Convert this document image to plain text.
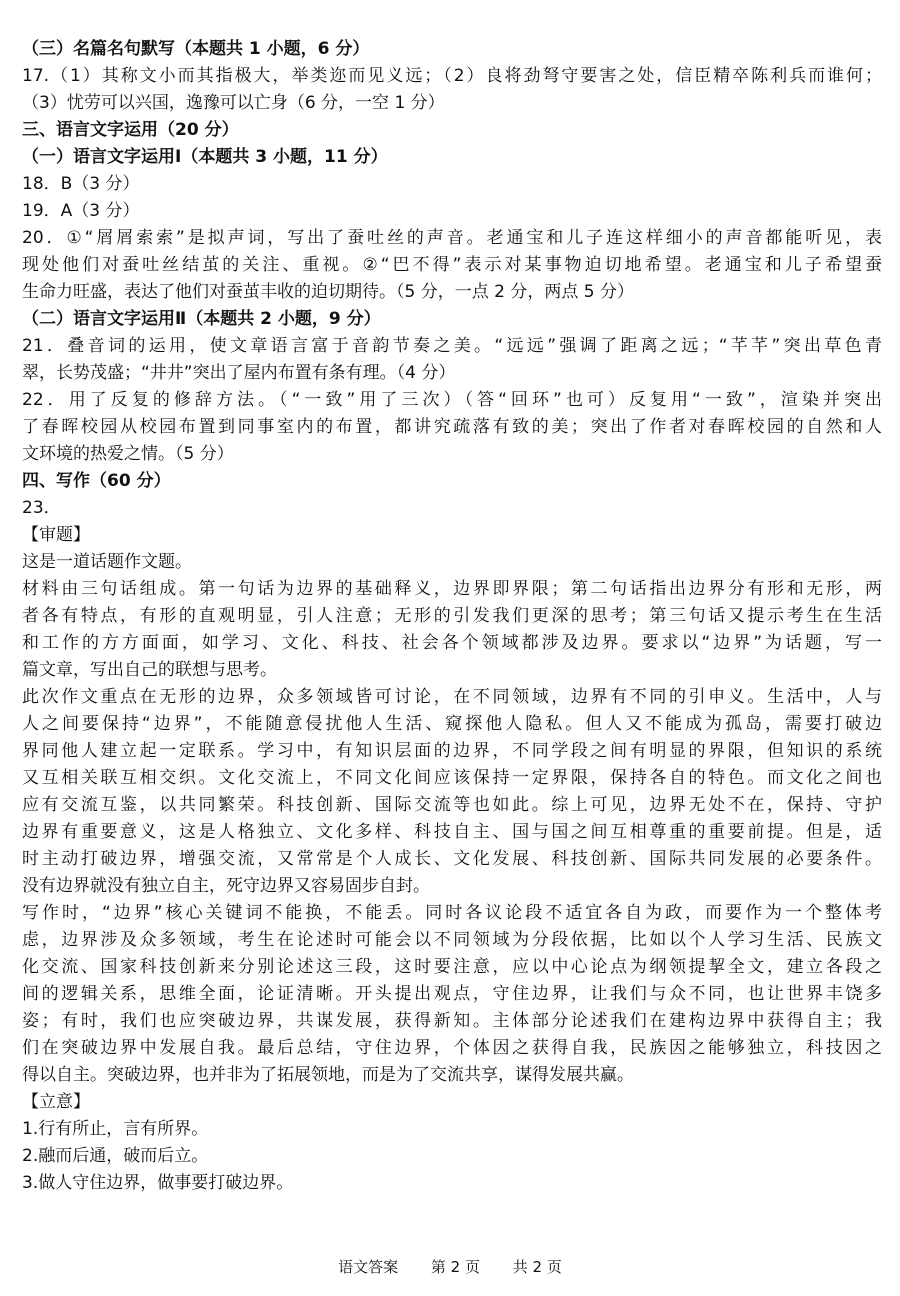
（三）名篇名句默写（本题共 1 小题，6 分）
17.（1）其称文小而其指极大，举类迩而见义远；（2）良将劲弩守要害之处，信臣精卒陈利兵而谁何；
（3）忧劳可以兴国，逸豫可以亡身（6 分，一空 1 分）
三、语言文字运用（20 分）
（一）语言文字运用Ⅰ（本题共 3 小题，11 分）
18．B（3 分）
19．A（3 分）
20．①“屑屑索索”是拟声词，写出了蚕吐丝的声音。老通宝和儿子连这样细小的声音都能听见，表
现处他们对蚕吐丝结茧的关注、重视。②“巴不得”表示对某事物迫切地希望。老通宝和儿子希望蚕
生命力旺盛，表达了他们对蚕茧丰收的迫切期待。（5 分，一点 2 分，两点 5 分）
（二）语言文字运用Ⅱ（本题共 2 小题，9 分）
21．叠音词的运用，使文章语言富于音韵节奏之美。“远远”强调了距离之远；“芊芊”突出草色青
翠，长势茂盛；“井井”突出了屋内布置有条有理。（4 分）
22．用了反复的修辞方法。（“一致”用了三次）（答“回环”也可）反复用“一致”，渲染并突出
了春晖校园从校园布置到同事室内的布置，都讲究疏落有致的美；突出了作者对春晖校园的自然和人
文环境的热爱之情。（5 分）
四、写作（60 分）
23．
【审题】
这是一道话题作文题。
材料由三句话组成。第一句话为边界的基础释义，边界即界限；第二句话指出边界分有形和无形，两
者各有特点，有形的直观明显，引人注意；无形的引发我们更深的思考；第三句话又提示考生在生活
和工作的方方面面，如学习、文化、科技、社会各个领域都涉及边界。要求以“边界”为话题，写一
篇文章，写出自己的联想与思考。
此次作文重点在无形的边界，众多领域皆可讨论，在不同领域，边界有不同的引申义。生活中，人与
人之间要保持“边界”，不能随意侵扰他人生活、窥探他人隐私。但人又不能成为孤岛，需要打破边
界同他人建立起一定联系。学习中，有知识层面的边界，不同学段之间有明显的界限，但知识的系统
又互相关联互相交织。文化交流上，不同文化间应该保持一定界限，保持各自的特色。而文化之间也
应有交流互鉴，以共同繁荣。科技创新、国际交流等也如此。综上可见，边界无处不在，保持、守护
边界有重要意义，这是人格独立、文化多样、科技自主、国与国之间互相尊重的重要前提。但是，适
时主动打破边界，增强交流，又常常是个人成长、文化发展、科技创新、国际共同发展的必要条件。
没有边界就没有独立自主，死守边界又容易固步自封。
写作时，“边界”核心关键词不能换，不能丢。同时各议论段不适宜各自为政，而要作为一个整体考
虑，边界涉及众多领域，考生在论述时可能会以不同领域为分段依据，比如以个人学习生活、民族文
化交流、国家科技创新来分别论述这三段，这时要注意，应以中心论点为纲领提挈全文，建立各段之
间的逻辑关系，思维全面，论证清晰。开头提出观点，守住边界，让我们与众不同，也让世界丰饶多
姿；有时，我们也应突破边界，共谋发展，获得新知。主体部分论述我们在建构边界中获得自主；我
们在突破边界中发展自我。最后总结，守住边界，个体因之获得自我，民族因之能够独立，科技因之
得以自主。突破边界，也并非为了拓展领地，而是为了交流共享，谋得发展共赢。
【立意】
1.行有所止，言有所界。
2.融而后通，破而后立。
3.做人守住边界，做事要打破边界。
语文答案 第 2 页 共 2 页
